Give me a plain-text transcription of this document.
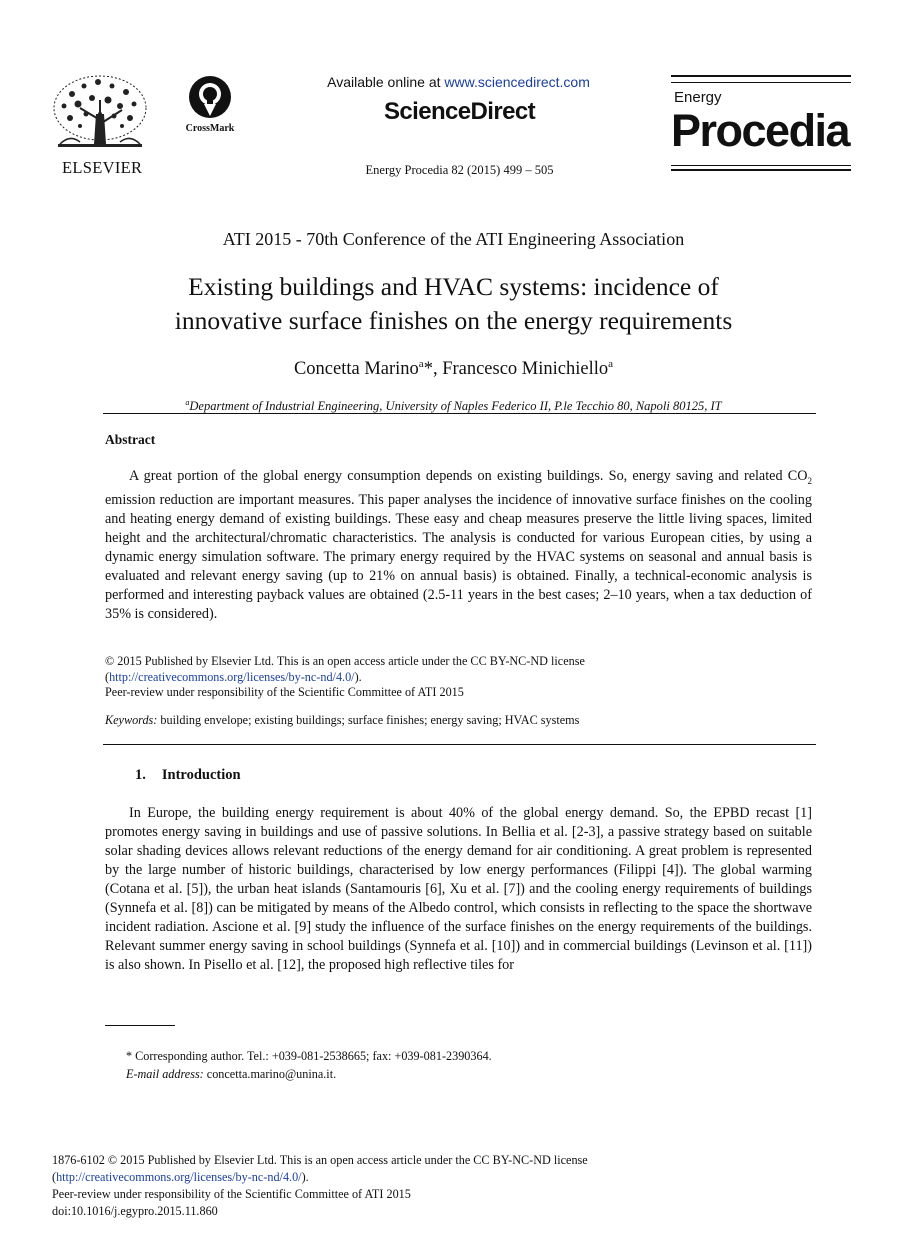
ELSEVIER
CrossMark
Available online at www.sciencedirect.com
ScienceDirect
Energy Procedia 82 (2015) 499 – 505
Energy
Procedia
ATI 2015 - 70th Conference of the ATI Engineering Association
Existing buildings and HVAC systems: incidence of
innovative surface finishes on the energy requirements
Concetta Marino$^a$*, Francesco Minichiello$^a$
$^a$Department of Industrial Engineering, University of Naples Federico II, P.le Tecchio 80, Napoli 80125, IT
Abstract
A great portion of the global energy consumption depends on existing buildings. So, energy saving and related $CO_2$ emission reduction are important measures. This paper analyses the incidence of innovative surface finishes on the cooling and heating energy demand of existing buildings. These easy and cheap measures preserve the little living spaces, limited height and the architectural/chromatic characteristics. The analysis is conducted for various European cities, by using a dynamic energy simulation software. The primary energy required by the HVAC systems on seasonal and annual basis is evaluated and relevant energy saving (up to 21% on annual basis) is obtained. Finally, a technical-economic analysis is performed and interesting payback values are obtained (2.5-11 years in the best cases; 2–10 years, when a tax deduction of 35% is considered).
© 2015 Published by Elsevier Ltd. This is an open access article under the CC BY-NC-ND license
(http://creativecommons.org/licenses/by-nc-nd/4.0/).
Peer-review under responsibility of the Scientific Committee of ATI 2015
Keywords: building envelope; existing buildings; surface finishes; energy saving; HVAC systems
1. Introduction
In Europe, the building energy requirement is about 40% of the global energy demand. So, the EPBD recast [1] promotes energy saving in buildings and use of passive solutions. In Bellia et al. [2-3], a passive strategy based on suitable solar shading devices allows relevant reductions of the energy demand for air conditioning. A great problem is represented by the large number of historic buildings, characterised by low energy performances (Filippi [4]). The global warming (Cotana et al. [5]), the urban heat islands (Santamouris [6], Xu et al. [7]) and the cooling energy requirements of buildings (Synnefa et al. [8]) can be mitigated by means of the Albedo control, which consists in reflecting to the space the shortwave incident radiation. Ascione et al. [9] study the influence of the surface finishes on the energy requirements of the buildings. Relevant summer energy saving in school buildings (Synnefa et al. [10]) and in commercial buildings (Levinson et al. [11]) is also shown. In Pisello et al. [12], the proposed high reflective tiles for
* Corresponding author. Tel.: +039-081-2538665; fax: +039-081-2390364.
E-mail address: concetta.marino@unina.it.
1876-6102 © 2015 Published by Elsevier Ltd. This is an open access article under the CC BY-NC-ND license
(http://creativecommons.org/licenses/by-nc-nd/4.0/).
Peer-review under responsibility of the Scientific Committee of ATI 2015
doi:10.1016/j.egypro.2015.11.860
